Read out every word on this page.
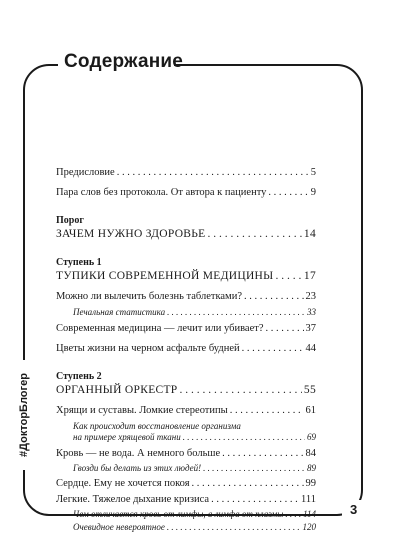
Содержание
#ДокторБлогер
3
Предисловие . . .	5
Пара слов без протокола. От автора к пациенту . . .	9
Порог
ЗАЧЕМ НУЖНО ЗДОРОВЬЕ . . .	14
Ступень 1
ТУПИКИ СОВРЕМЕННОЙ МЕДИЦИНЫ . . .	17
Можно ли вылечить болезнь таблетками? . . .	23
Печальная статистика . . .	33
Современная медицина — лечит или убивает? . . .	37
Цветы жизни на черном асфальте будней . . .	44
Ступень 2
ОРГАННЫЙ ОРКЕСТР . . .	55
Хрящи и суставы. Ломкие стереотипы . . .	61
Как происходит восстановление организма
на примере хрящевой ткани . . .	69
Кровь — не вода. А немного больше . . .	84
Гвозди бы делать из этих людей! . . .	89
Сердце. Ему не хочется покоя . . .	99
Легкие. Тяжелое дыхание кризиса . . .	111
Чем отличается кровь от лимфы, а лимфа от плазмы . . . 114
Очевидное невероятное . . .	120
